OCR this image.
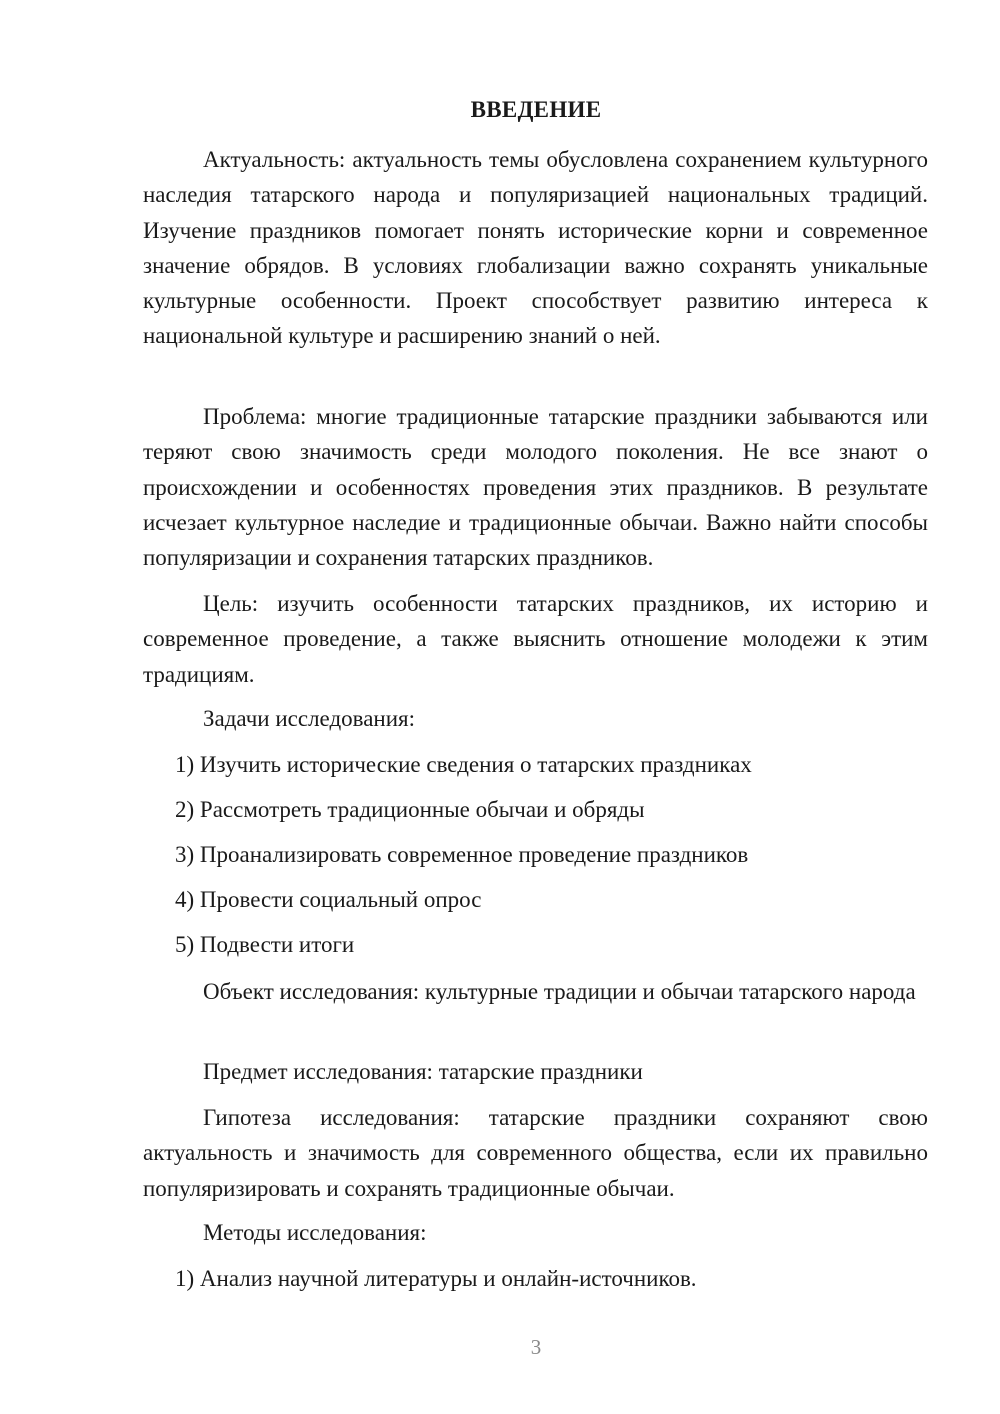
ВВЕДЕНИЕ

Актуальность: актуальность темы обусловлена сохранением культурного наследия татарского народа и популяризацией национальных традиций. Изучение праздников помогает понять исторические корни и современное значение обрядов. В условиях глобализации важно сохранять уникальные культурные особенности. Проект способствует развитию интереса к национальной культуре и расширению знаний о ней.

Проблема: многие традиционные татарские праздники забываются или теряют свою значимость среди молодого поколения. Не все знают о происхождении и особенностях проведения этих праздников. В результате исчезает культурное наследие и традиционные обычаи. Важно найти способы популяризации и сохранения татарских праздников.

Цель: изучить особенности татарских праздников, их историю и современное проведение, а также выяснить отношение молодежи к этим традициям.

Задачи исследования:
1) Изучить исторические сведения о татарских праздниках
2) Рассмотреть традиционные обычаи и обряды
3) Проанализировать современное проведение праздников
4) Провести социальный опрос
5) Подвести итоги

Объект исследования: культурные традиции и обычаи татарского народа

Предмет исследования: татарские праздники

Гипотеза исследования: татарские праздники сохраняют свою актуальность и значимость для современного общества, если их правильно популяризировать и сохранять традиционные обычаи.

Методы исследования:
1) Анализ научной литературы и онлайн-источников.
3
